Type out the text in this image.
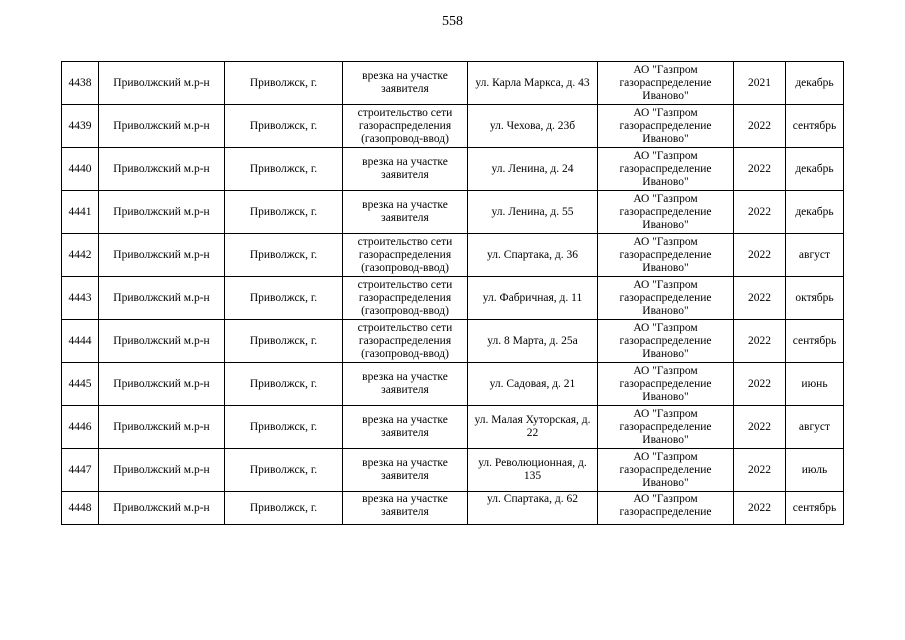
558
4438	Приволжский м.р-н	Приволжск, г.	врезка на участке заявителя	ул. Карла Маркса, д. 43	АО "Газпром газораспределение Иваново"	2021	декабрь

4439	Приволжский м.р-н	Приволжск, г.	строительство сети газораспределения (газопровод-ввод)	ул. Чехова, д. 23б	АО "Газпром газораспределение Иваново"	2022	сентябрь

4440	Приволжский м.р-н	Приволжск, г.	врезка на участке заявителя	ул. Ленина, д. 24	АО "Газпром газораспределение Иваново"	2022	декабрь

4441	Приволжский м.р-н	Приволжск, г.	врезка на участке заявителя	ул. Ленина, д. 55	АО "Газпром газораспределение Иваново"	2022	декабрь

4442	Приволжский м.р-н	Приволжск, г.	строительство сети газораспределения (газопровод-ввод)	ул. Спартака, д. 36	АО "Газпром газораспределение Иваново"	2022	август

4443	Приволжский м.р-н	Приволжск, г.	строительство сети газораспределения (газопровод-ввод)	ул. Фабричная, д. 11	АО "Газпром газораспределение Иваново"	2022	октябрь

4444	Приволжский м.р-н	Приволжск, г.	строительство сети газораспределения (газопровод-ввод)	ул. 8 Марта, д. 25а	АО "Газпром газораспределение Иваново"	2022	сентябрь

4445	Приволжский м.р-н	Приволжск, г.	врезка на участке заявителя	ул. Садовая, д. 21	АО "Газпром газораспределение Иваново"	2022	июнь

4446	Приволжский м.р-н	Приволжск, г.	врезка на участке заявителя	ул. Малая Хуторская, д. 22	АО "Газпром газораспределение Иваново"	2022	август

4447	Приволжский м.р-н	Приволжск, г.	врезка на участке заявителя	ул. Революционная, д. 135	АО "Газпром газораспределение Иваново"	2022	июль

4448	Приволжский м.р-н	Приволжск, г.	врезка на участке заявителя	ул. Спартака, д. 62	АО "Газпром газораспределение	2022	сентябрь
